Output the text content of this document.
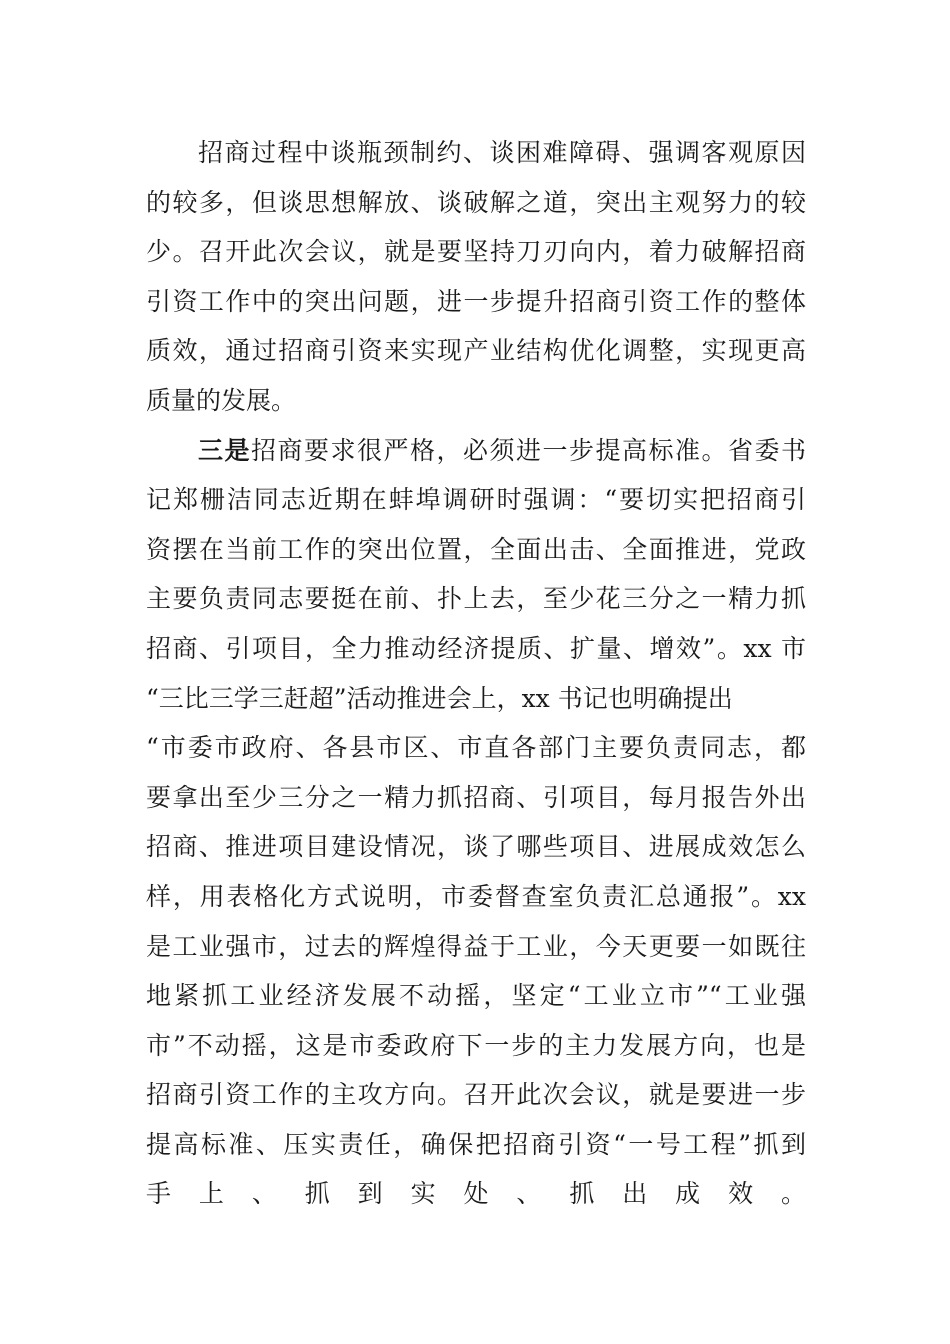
招商过程中谈瓶颈制约、谈困难障碍、强调客观原因
的较多，但谈思想解放、谈破解之道，突出主观努力的较
少。召开此次会议，就是要坚持刀刃向内，着力破解招商
引资工作中的突出问题，进一步提升招商引资工作的整体
质效，通过招商引资来实现产业结构优化调整，实现更高
质量的发展。
三是招商要求很严格，必须进一步提高标准。省委书
记郑栅洁同志近期在蚌埠调研时强调：“要切实把招商引
资摆在当前工作的突出位置，全面出击、全面推进，党政
主要负责同志要挺在前、扑上去，至少花三分之一精力抓
招商、引项目，全力推动经济提质、扩量、增效”。xx 市
“三比三学三赶超”活动推进会上，xx 书记也明确提出
“市委市政府、各县市区、市直各部门主要负责同志，都
要拿出至少三分之一精力抓招商、引项目，每月报告外出
招商、推进项目建设情况，谈了哪些项目、进展成效怎么
样，用表格化方式说明，市委督查室负责汇总通报”。xx
是工业强市，过去的辉煌得益于工业，今天更要一如既往
地紧抓工业经济发展不动摇，坚定“工业立市”“工业强
市”不动摇，这是市委政府下一步的主力发展方向，也是
招商引资工作的主攻方向。召开此次会议，就是要进一步
提高标准、压实责任，确保把招商引资“一号工程”抓到
手上、抓到实处、抓出成效。
